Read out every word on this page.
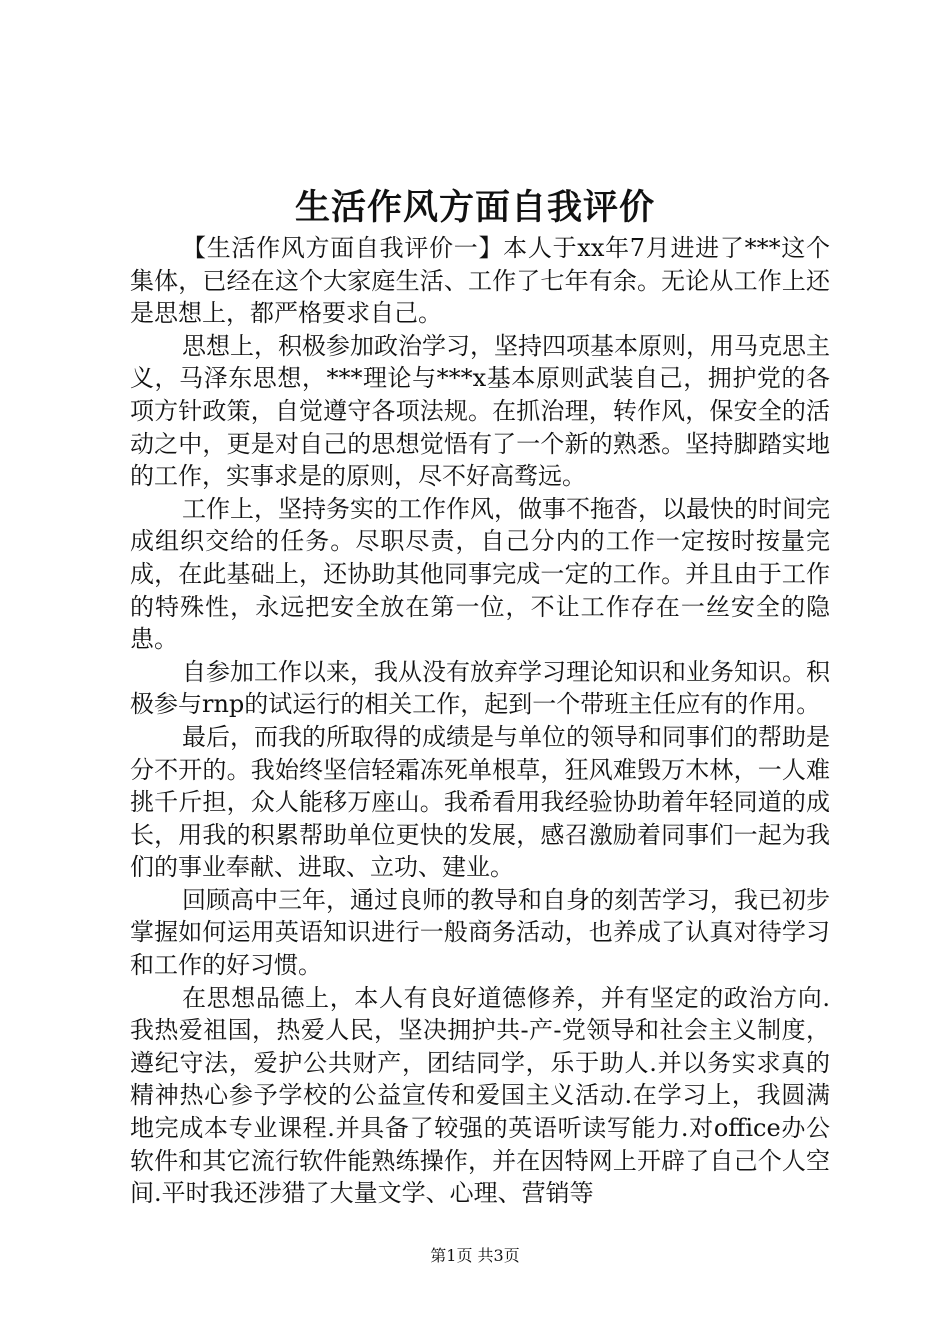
生活作风方面自我评价

【生活作风方面自我评价一】本人于xx年7月进进了***这个集体，已经在这个大家庭生活、工作了七年有余。无论从工作上还是思想上，都严格要求自己。

思想上，积极参加政治学习，坚持四项基本原则，用马克思主义，马泽东思想，***理论与***x基本原则武装自己，拥护党的各项方针政策，自觉遵守各项法规。在抓治理，转作风，保安全的活动之中，更是对自己的思想觉悟有了一个新的熟悉。坚持脚踏实地的工作，实事求是的原则，尽不好高骛远。

工作上，坚持务实的工作作风，做事不拖沓，以最快的时间完成组织交给的任务。尽职尽责，自己分内的工作一定按时按量完成，在此基础上，还协助其他同事完成一定的工作。并且由于工作的特殊性，永远把安全放在第一位，不让工作存在一丝安全的隐患。

自参加工作以来，我从没有放弃学习理论知识和业务知识。积极参与rnp的试运行的相关工作，起到一个带班主任应有的作用。

最后，而我的所取得的成绩是与单位的领导和同事们的帮助是分不开的。我始终坚信轻霜冻死单根草，狂风难毁万木林，一人难挑千斤担，众人能移万座山。我希看用我经验协助着年轻同道的成长，用我的积累帮助单位更快的发展，感召激励着同事们一起为我们的事业奉献、进取、立功、建业。

回顾高中三年，通过良师的教导和自身的刻苦学习，我已初步掌握如何运用英语知识进行一般商务活动，也养成了认真对待学习和工作的好习惯。

在思想品德上，本人有良好道德修养，并有坚定的政治方向.我热爱祖国，热爱人民，坚决拥护共-产-党领导和社会主义制度，遵纪守法，爱护公共财产，团结同学，乐于助人.并以务实求真的精神热心参予学校的公益宣传和爱国主义活动.在学习上，我圆满地完成本专业课程.并具备了较强的英语听读写能力.对office办公软件和其它流行软件能熟练操作，并在因特网上开辟了自己个人空间.平时我还涉猎了大量文学、心理、营销等

第1页 共3页
